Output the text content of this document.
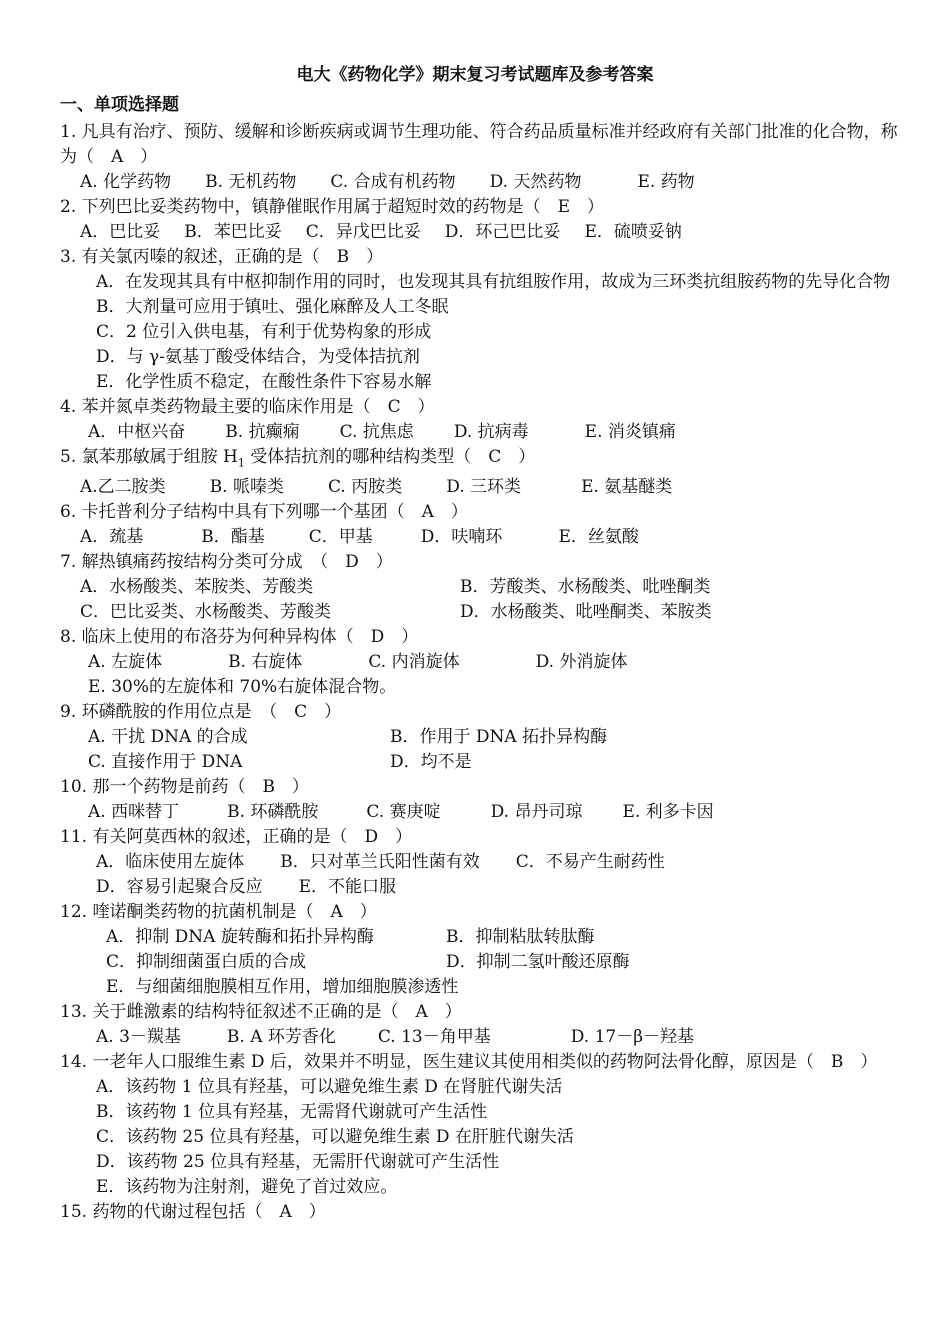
电大《药物化学》期末复习考试题库及参考答案
一、单项选择题
1. 凡具有治疗、预防、缓解和诊断疾病或调节生理功能、符合药品质量标准并经政府有关部门批准的化合物，称为（　A　）
A. 化学药物 B. 无机药物 C. 合成有机药物 D. 天然药物	E. 药物
2. 下列巴比妥类药物中，镇静催眠作用属于超短时效的药物是（　E　）
A．巴比妥 B．苯巴比妥 C．异戊巴比妥 D．环己巴比妥 E．硫喷妥钠
3. 有关氯丙嗪的叙述，正确的是（　B　）
A．在发现其具有中枢抑制作用的同时，也发现其具有抗组胺作用，故成为三环类抗组胺药物的先导化合物
B．大剂量可应用于镇吐、强化麻醉及人工冬眠
C．2 位引入供电基，有利于优势构象的形成
D．与 γ-氨基丁酸受体结合，为受体拮抗剂
E．化学性质不稳定，在酸性条件下容易水解
4. 苯并氮卓类药物最主要的临床作用是（　C　）
A．中枢兴奋 B. 抗癫痫 C. 抗焦虑 D. 抗病毒	E. 消炎镇痛
5. 氯苯那敏属于组胺 $H_1$ 受体拮抗剂的哪种结构类型（　C　）
A.乙二胺类	B. 哌嗪类	C. 丙胺类	D. 三环类	E. 氨基醚类
6. 卡托普利分子结构中具有下列哪一个基团（　A　）
A．巯基	B．酯基	C．甲基	D．呋喃环	E．丝氨酸
7. 解热镇痛药按结构分类可分成　（　D　）
A．水杨酸类、苯胺类、芳酸类	B．芳酸类、水杨酸类、吡唑酮类
C．巴比妥类、水杨酸类、芳酸类	D．水杨酸类、吡唑酮类、苯胺类
8. 临床上使用的布洛芬为何种异构体（　D　）
A. 左旋体	B. 右旋体	C. 内消旋体	D. 外消旋体
E. 30%的左旋体和 70%右旋体混合物。
9. 环磷酰胺的作用位点是　（　C　）
A. 干扰 DNA 的合成	B．作用于 DNA 拓扑异构酶
C. 直接作用于 DNA	D．均不是
10. 那一个药物是前药（　B　）
A. 西咪替丁	B. 环磷酰胺	C. 赛庚啶	D. 昂丹司琼 E. 利多卡因
11. 有关阿莫西林的叙述，正确的是（　D　）
A．临床使用左旋体 B．只对革兰氏阳性菌有效 C．不易产生耐药性
D．容易引起聚合反应 E．不能口服
12. 喹诺酮类药物的抗菌机制是（　A　）
A．抑制 DNA 旋转酶和拓扑异构酶	B．抑制粘肽转肽酶
C．抑制细菌蛋白质的合成	D．抑制二氢叶酸还原酶
E．与细菌细胞膜相互作用，增加细胞膜渗透性
13. 关于雌激素的结构特征叙述不正确的是（　A　）
A. 3－羰基	B. A 环芳香化 C. 13－角甲基	D. 17－β－羟基
14. 一老年人口服维生素 D 后，效果并不明显，医生建议其使用相类似的药物阿法骨化醇，原因是（　B　）
A．该药物 1 位具有羟基，可以避免维生素 D 在肾脏代谢失活
B．该药物 1 位具有羟基，无需肾代谢就可产生活性
C．该药物 25 位具有羟基，可以避免维生素 D 在肝脏代谢失活
D．该药物 25 位具有羟基，无需肝代谢就可产生活性
E．该药物为注射剂，避免了首过效应。
15. 药物的代谢过程包括（　A　）
